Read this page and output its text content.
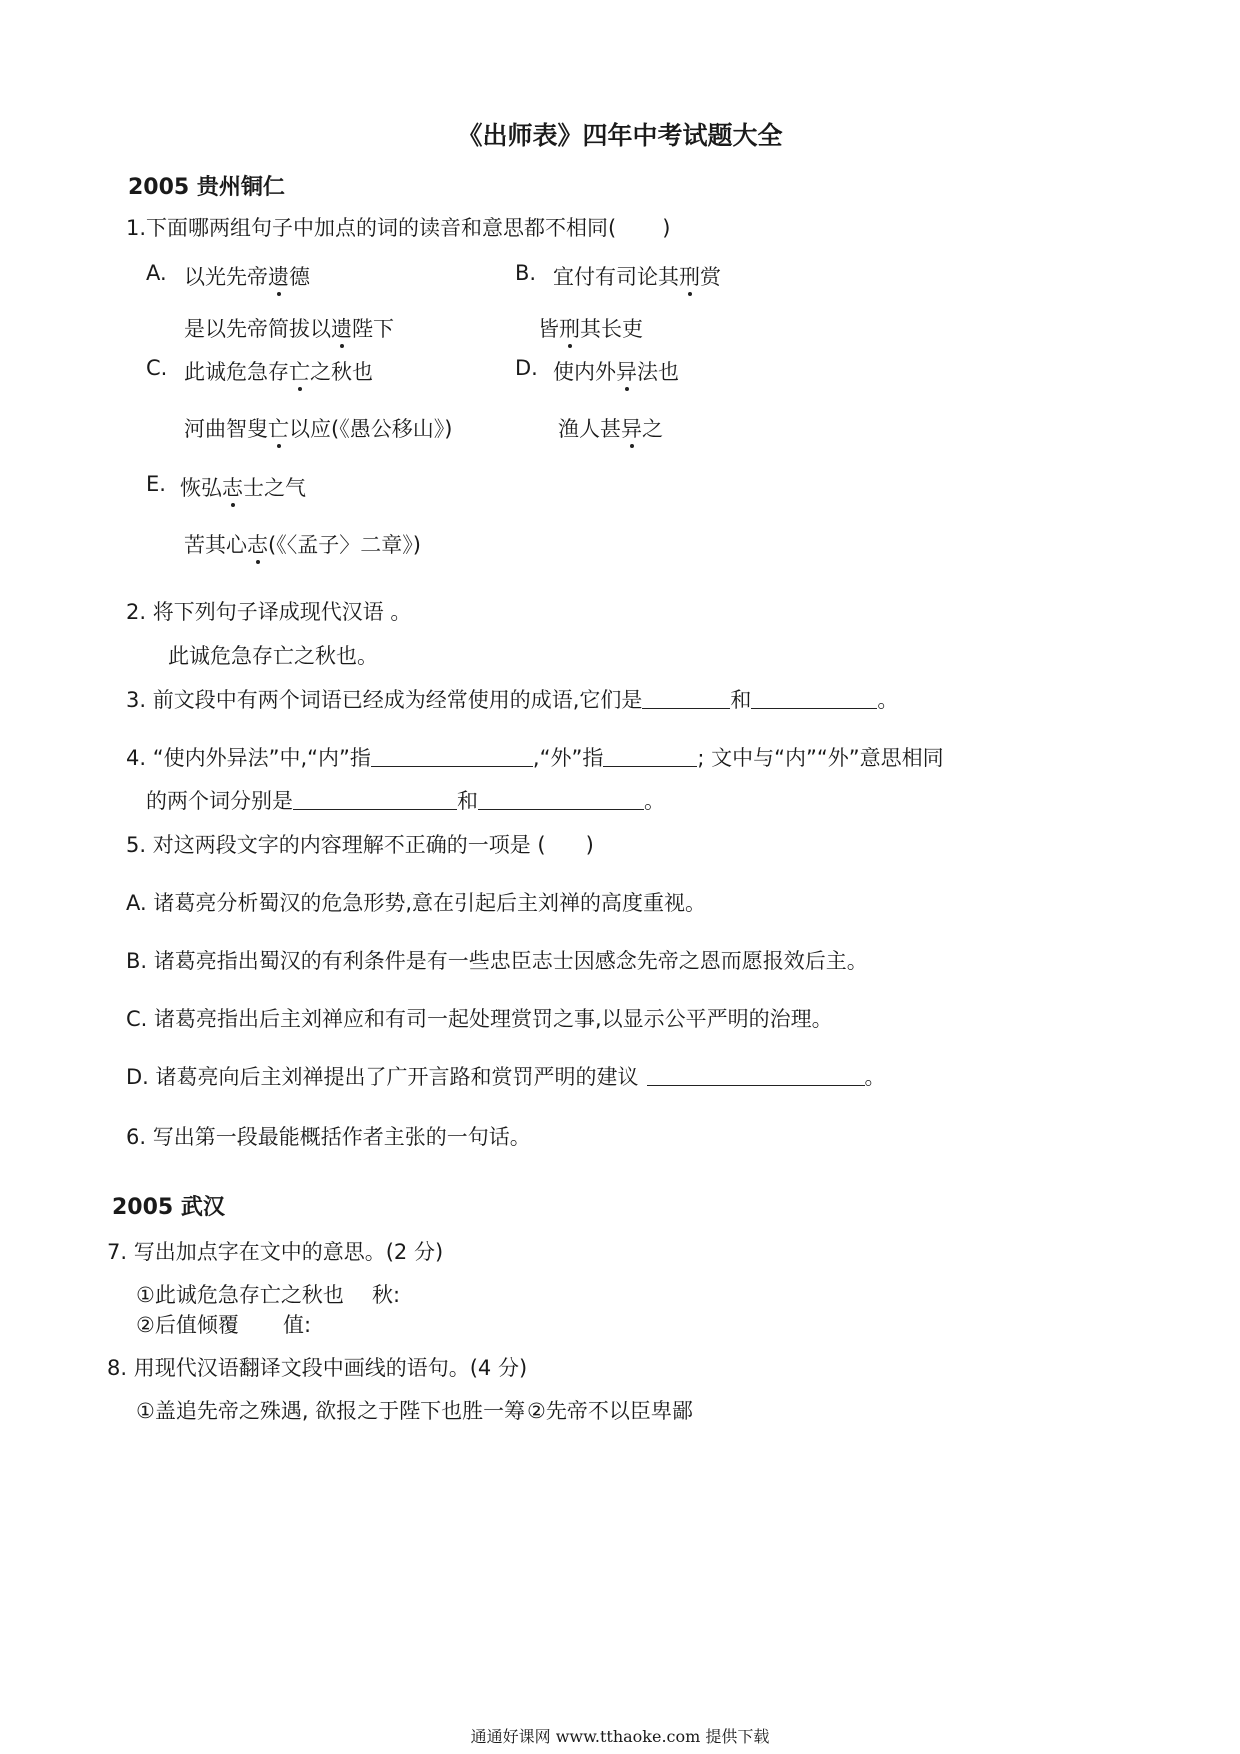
《出师表》四年中考试题大全
2005 贵州铜仁
1.下面哪两组句子中加点的词的读音和意思都不相同( )
A. 以光先帝遗德
是以先帝简拔以遗陛下
B. 宜付有司论其刑赏
皆刑其长吏
C. 此诚危急存亡之秋也
河曲智叟亡以应(《愚公移山》)
D. 使内外异法也
渔人甚异之
E. 恢弘志士之气
苦其心志(《〈孟子〉二章》)
2. 将下列句子译成现代汉语 。
此诚危急存亡之秋也。
3. 前文段中有两个词语已经成为经常使用的成语,它们是	和	。
4. “使内外异法”中,“内”指	,“外”指	; 文中与“内”“外”意思相同
的两个词分别是	和	。
5. 对这两段文字的内容理解不正确的一项是 ( )
A. 诸葛亮分析蜀汉的危急形势,意在引起后主刘禅的高度重视。
B. 诸葛亮指出蜀汉的有利条件是有一些忠臣志士因感念先帝之恩而愿报效后主。
C. 诸葛亮指出后主刘禅应和有司一起处理赏罚之事,以显示公平严明的治理。
D. 诸葛亮向后主刘禅提出了广开言路和赏罚严明的建议	。
6. 写出第一段最能概括作者主张的一句话。
2005 武汉
7. 写出加点字在文中的意思。(2 分)
①此诚危急存亡之秋也 秋:
②后值倾覆 值:
8. 用现代汉语翻译文段中画线的语句。(4 分)
①盖追先帝之殊遇, 欲报之于陛下也胜一筹 ②先帝不以臣卑鄙
通通好课网 www.tthaoke.com 提供下载
